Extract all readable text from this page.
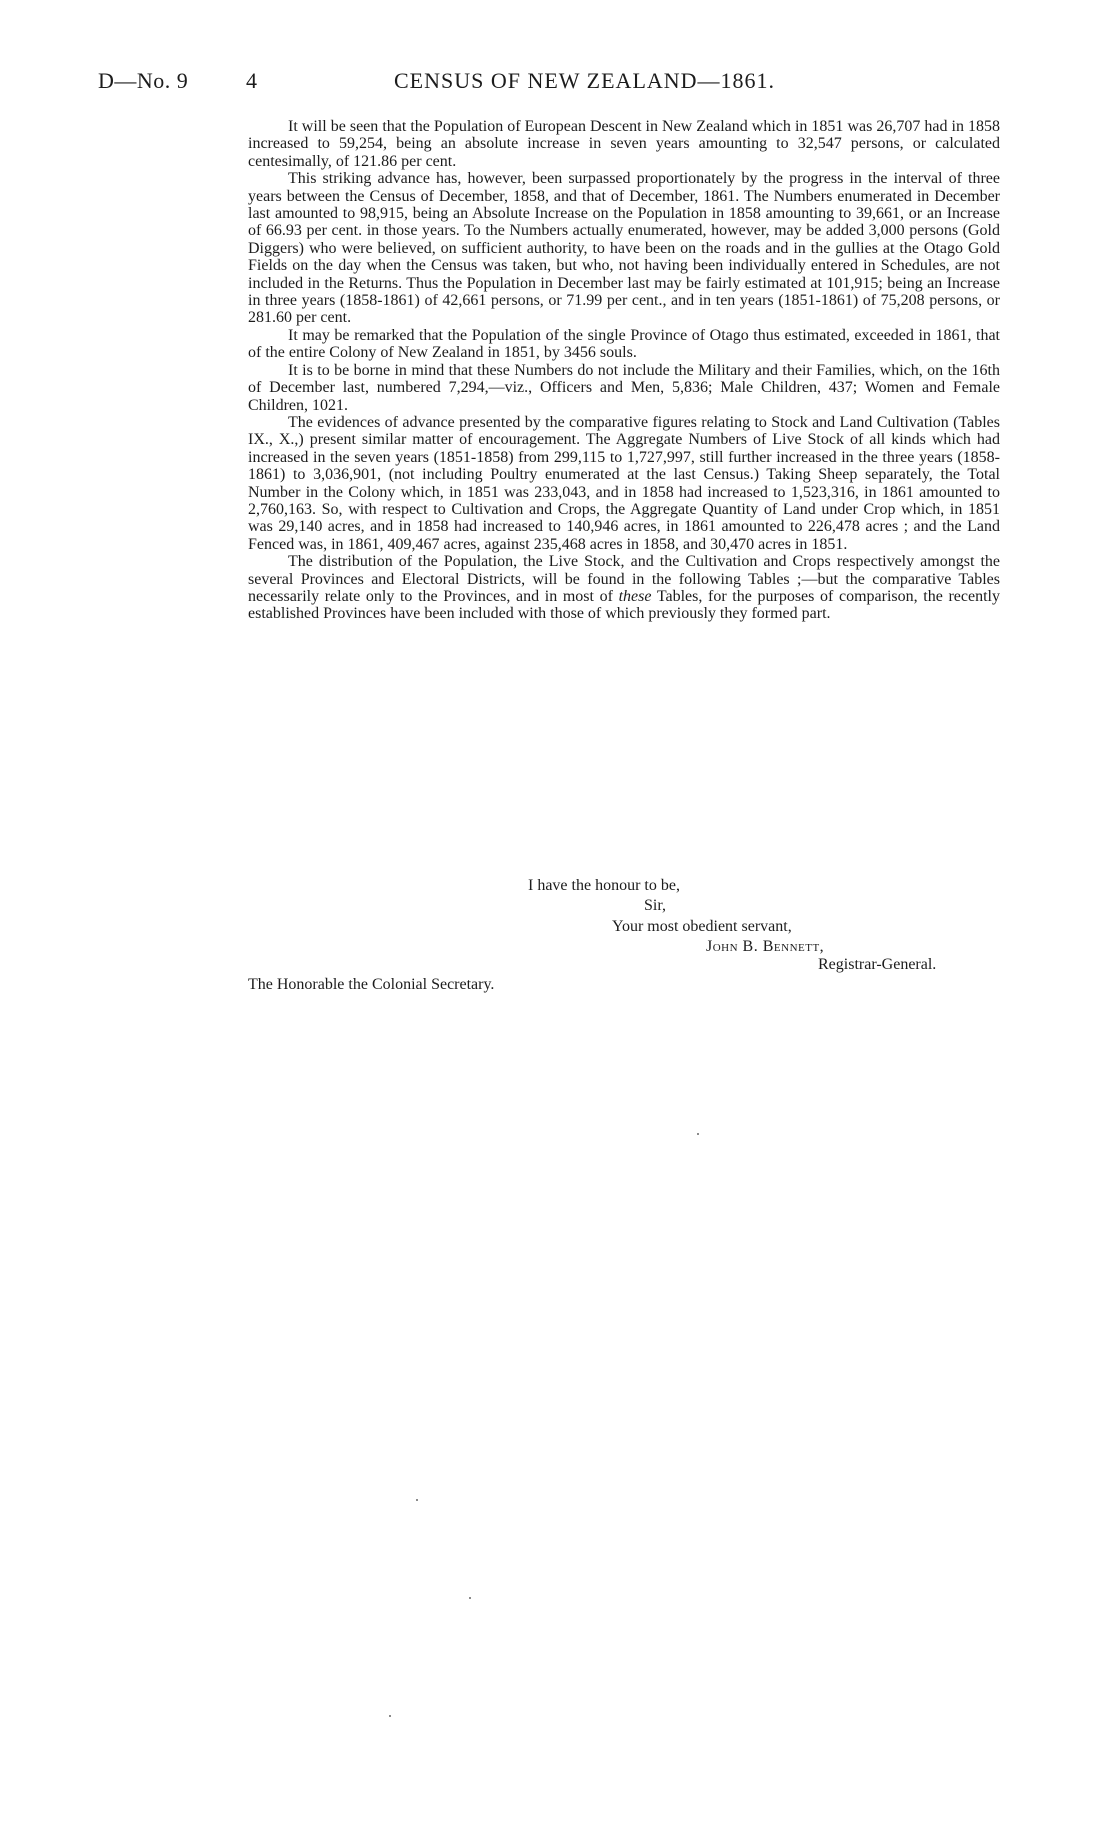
D—No. 9	4	CENSUS OF NEW ZEALAND—1861.

It will be seen that the Population of European Descent in New Zealand which in 1851 was 26,707 had in 1858 increased to 59,254, being an absolute increase in seven years amounting to 32,547 persons, or calculated centesimally, of 121.86 per cent.

This striking advance has, however, been surpassed proportionately by the progress in the interval of three years between the Census of December, 1858, and that of December, 1861. The Numbers enumerated in December last amounted to 98,915, being an Absolute Increase on the Population in 1858 amounting to 39,661, or an Increase of 66.93 per cent. in those years. To the Numbers actually enumerated, however, may be added 3,000 persons (Gold Diggers) who were believed, on sufficient authority, to have been on the roads and in the gullies at the Otago Gold Fields on the day when the Census was taken, but who, not having been individually entered in Schedules, are not included in the Returns. Thus the Population in December last may be fairly estimated at 101,915; being an Increase in three years (1858-1861) of 42,661 persons, or 71.99 per cent., and in ten years (1851-1861) of 75,208 persons, or 281.60 per cent.

It may be remarked that the Population of the single Province of Otago thus estimated, exceeded in 1861, that of the entire Colony of New Zealand in 1851, by 3456 souls.

It is to be borne in mind that these Numbers do not include the Military and their Families, which, on the 16th of December last, numbered 7,294,—viz., Officers and Men, 5,836; Male Children, 437; Women and Female Children, 1021.

The evidences of advance presented by the comparative figures relating to Stock and Land Cultivation (Tables IX., X.,) present similar matter of encouragement. The Aggregate Numbers of Live Stock of all kinds which had increased in the seven years (1851-1858) from 299,115 to 1,727,997, still further increased in the three years (1858-1861) to 3,036,901, (not including Poultry enumerated at the last Census.) Taking Sheep separately, the Total Number in the Colony which, in 1851 was 233,043, and in 1858 had increased to 1,523,316, in 1861 amounted to 2,760,163. So, with respect to Cultivation and Crops, the Aggregate Quantity of Land under Crop which, in 1851 was 29,140 acres, and in 1858 had increased to 140,946 acres, in 1861 amounted to 226,478 acres ; and the Land Fenced was, in 1861, 409,467 acres, against 235,468 acres in 1858, and 30,470 acres in 1851.

The distribution of the Population, the Live Stock, and the Cultivation and Crops respectively amongst the several Provinces and Electoral Districts, will be found in the following Tables ;—but the comparative Tables necessarily relate only to the Provinces, and in most of these Tables, for the purposes of comparison, the recently established Provinces have been included with those of which previously they formed part.

I have the honour to be,
Sir,
Your most obedient servant,
John B. Bennett,
Registrar-General.
The Honorable the Colonial Secretary.
